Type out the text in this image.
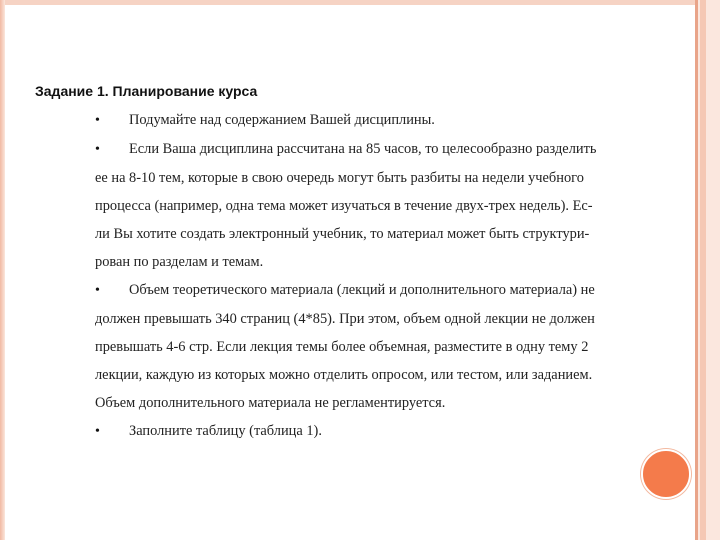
Задание 1. Планирование курса
•	Подумайте над содержанием Вашей дисциплины.
•	Если Ваша дисциплина рассчитана на 85 часов, то целесообразно разделить
ее на 8-10 тем, которые в свою очередь могут быть разбиты на недели учебного
процесса (например, одна тема может изучаться в течение двух-трех недель). Ес-
ли Вы хотите создать электронный учебник, то материал может быть структури-
рован по разделам и темам.
•	Объем теоретического материала (лекций и дополнительного материала) не
должен превышать 340 страниц (4*85). При этом, объем одной лекции не должен
превышать 4-6 стр. Если лекция темы более объемная, разместите в одну тему 2
лекции, каждую из которых можно отделить опросом, или тестом, или заданием.
Объем дополнительного материала не регламентируется.
•	Заполните таблицу (таблица 1).
